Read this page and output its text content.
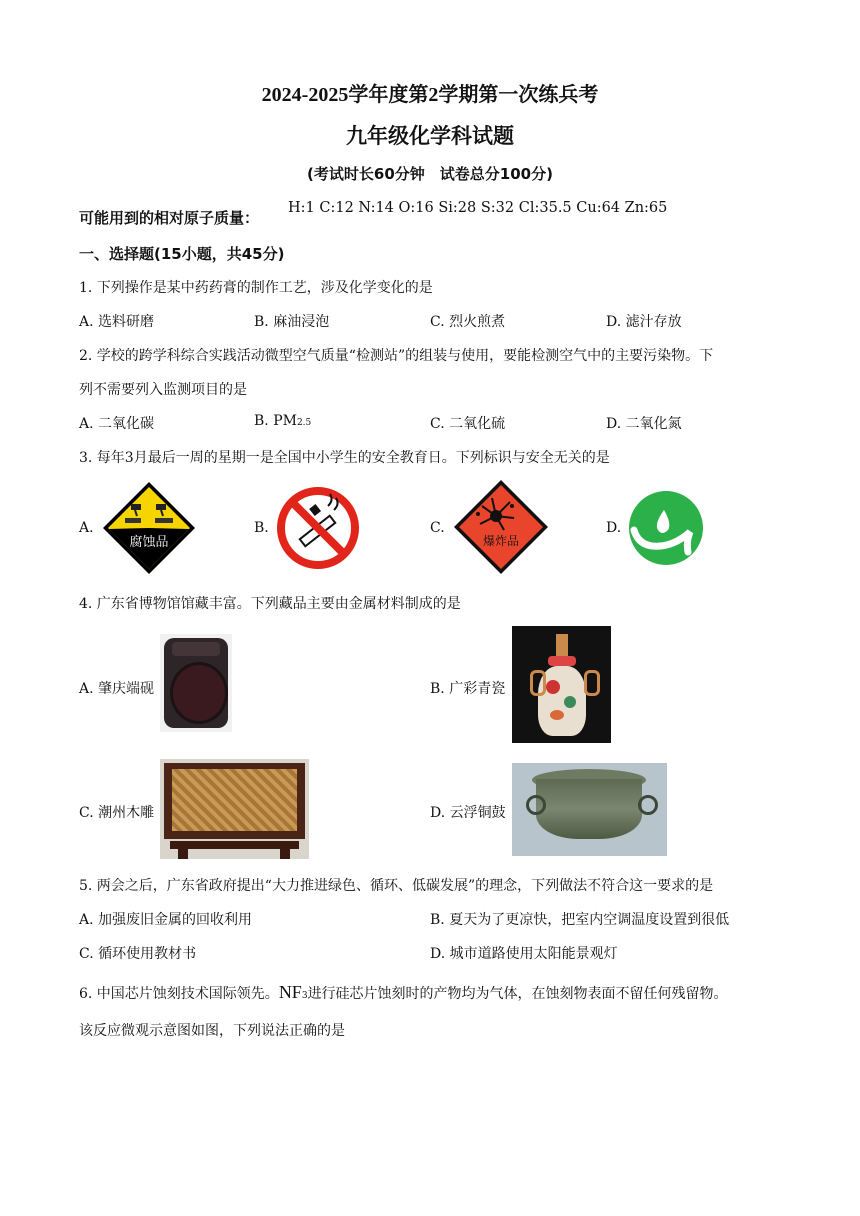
2024-2025学年度第2学期第一次练兵考
九年级化学科试题
(考试时长60分钟　试卷总分100分)
可能用到的相对原子质量：
H:1 C:12 N:14 O:16 Si:28 S:32 Cl:35.5 Cu:64 Zn:65
一、选择题(15小题，共45分)
1. 下列操作是某中药药膏的制作工艺，涉及化学变化的是
A. 选料研磨	B. 麻油浸泡	C. 烈火煎煮	D. 滤汁存放
2. 学校的跨学科综合实践活动微型空气质量“检测站”的组装与使用，要能检测空气中的主要污染物。下
列不需要列入监测项目的是
A. 二氧化碳	B. PM2.5	C. 二氧化硫	D. 二氧化氮
3. 每年3月最后一周的星期一是全国中小学生的安全教育日。下列标识与安全无关的是
A.	B.	C.	D.
腐蚀品	爆炸品
4. 广东省博物馆馆藏丰富。下列藏品主要由金属材料制成的是
A. 肇庆端砚	B. 广彩青瓷
C. 潮州木雕	D. 云浮铜鼓
5. 两会之后，广东省政府提出“大力推进绿色、循环、低碳发展”的理念，下列做法不符合这一要求的是
A. 加强废旧金属的回收利用	B. 夏天为了更凉快，把室内空调温度设置到很低
C. 循环使用教材书	D. 城市道路使用太阳能景观灯
6. 中国芯片蚀刻技术国际领先。NF3进行硅芯片蚀刻时的产物均为气体，在蚀刻物表面不留任何残留物。
该反应微观示意图如图，下列说法正确的是
